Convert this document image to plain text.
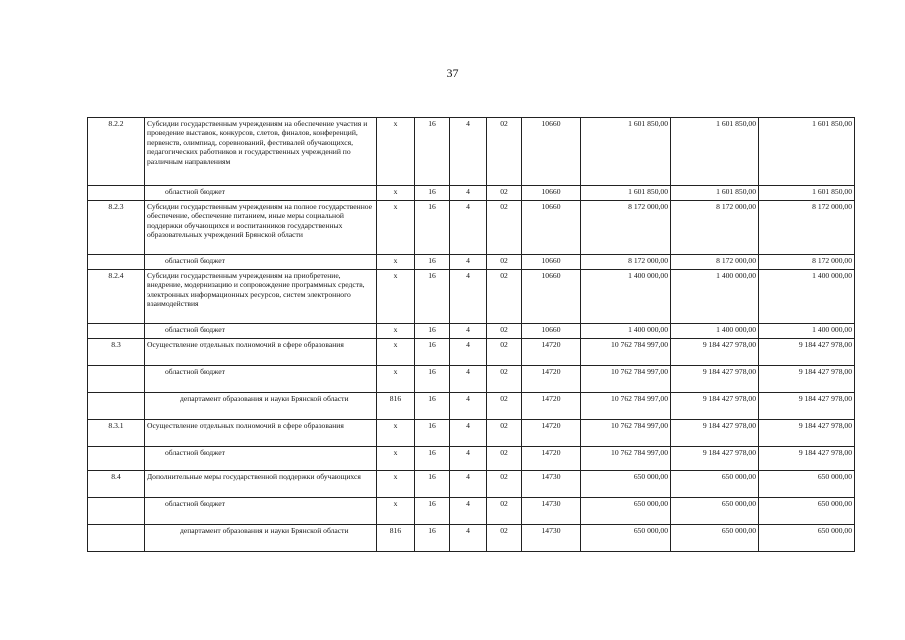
37
8.2.2	Субсидии государственным учреждениям на обеспечение участия и проведение выставок, конкурсов, слетов, финалов, конференций, первенств, олимпиад, соревнований, фестивалей обучающихся, педагогических работников и государственных учреждений по различным направлениям	х	16	4	02	10660	1 601 850,00	1 601 850,00	1 601 850,00
	областной бюджет	х	16	4	02	10660	1 601 850,00	1 601 850,00	1 601 850,00
8.2.3	Субсидии государственным учреждениям на полное государственное обеспечение, обеспечение питанием, иные меры социальной поддержки обучающихся и воспитанников государственных образовательных учреждений Брянской области	х	16	4	02	10660	8 172 000,00	8 172 000,00	8 172 000,00
	областной бюджет	х	16	4	02	10660	8 172 000,00	8 172 000,00	8 172 000,00
8.2.4	Субсидии государственным учреждениям на приобретение, внедрение, модернизацию и сопровождение программных средств, электронных информационных ресурсов, систем электронного взаимодействия	х	16	4	02	10660	1 400 000,00	1 400 000,00	1 400 000,00
	областной бюджет	х	16	4	02	10660	1 400 000,00	1 400 000,00	1 400 000,00
8.3	Осуществление отдельных полномочий в сфере образования	х	16	4	02	14720	10 762 784 997,00	9 184 427 978,00	9 184 427 978,00
	областной бюджет	х	16	4	02	14720	10 762 784 997,00	9 184 427 978,00	9 184 427 978,00
	департамент образования и науки Брянской области	816	16	4	02	14720	10 762 784 997,00	9 184 427 978,00	9 184 427 978,00
8.3.1	Осуществление отдельных полномочий в сфере образования	х	16	4	02	14720	10 762 784 997,00	9 184 427 978,00	9 184 427 978,00
	областной бюджет	х	16	4	02	14720	10 762 784 997,00	9 184 427 978,00	9 184 427 978,00
8.4	Дополнительные меры государственной поддержки обучающихся	х	16	4	02	14730	650 000,00	650 000,00	650 000,00
	областной бюджет	х	16	4	02	14730	650 000,00	650 000,00	650 000,00
	департамент образования и науки Брянской области	816	16	4	02	14730	650 000,00	650 000,00	650 000,00
